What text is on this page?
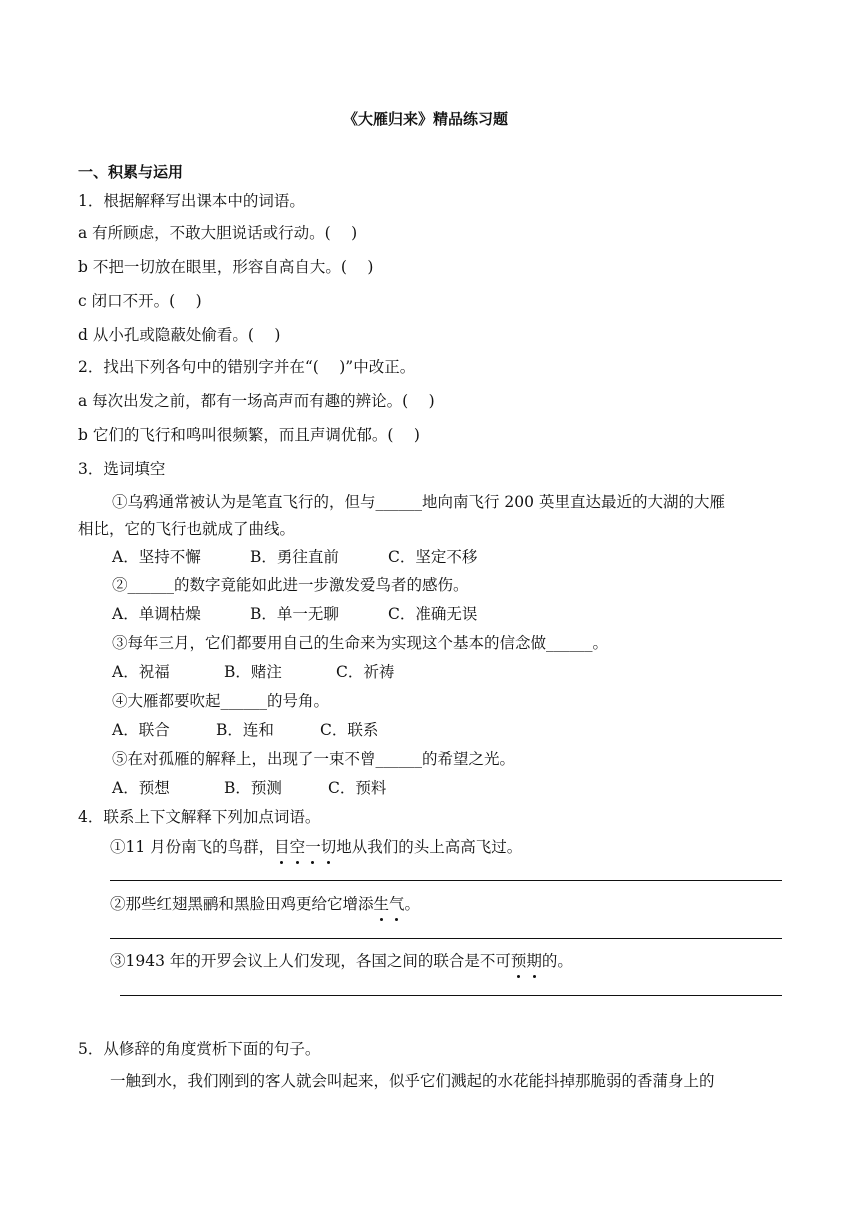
《大雁归来》精品练习题
一、积累与运用
1．根据解释写出课本中的词语。
a 有所顾虑，不敢大胆说话或行动。(　 )
b 不把一切放在眼里，形容自高自大。(　 )
c 闭口不开。(　 )
d 从小孔或隐蔽处偷看。(　 )
2．找出下列各句中的错别字并在“(　 )”中改正。
a 每次出发之前，都有一场高声而有趣的辨论。(　 )
b 它们的飞行和鸣叫很频繁，而且声调优郁。(　 )
3．选词填空
①乌鸦通常被认为是笔直飞行的，但与______地向南飞行 200 英里直达最近的大湖的大雁
相比，它的飞行也就成了曲线。
A．坚持不懈	B．勇往直前	C．坚定不移
②______的数字竟能如此进一步激发爱鸟者的感伤。
A．单调枯燥	B．单一无聊	C．准确无误
③每年三月，它们都要用自己的生命来为实现这个基本的信念做______。
A．祝福	B．赌注	C．祈祷
④大雁都要吹起______的号角。
A．联合	B．连和	C．联系
⑤在对孤雁的解释上，出现了一束不曾______的希望之光。
A．预想	B．预测	C．预料
4．联系上下文解释下列加点词语。
①11 月份南飞的鸟群，目空一切地从我们的头上高高飞过。
②那些红翅黑鹂和黑脸田鸡更给它增添生气。
③1943 年的开罗会议上人们发现，各国之间的联合是不可预期的。
5．从修辞的角度赏析下面的句子。
一触到水，我们刚到的客人就会叫起来，似乎它们溅起的水花能抖掉那脆弱的香蒲身上的
